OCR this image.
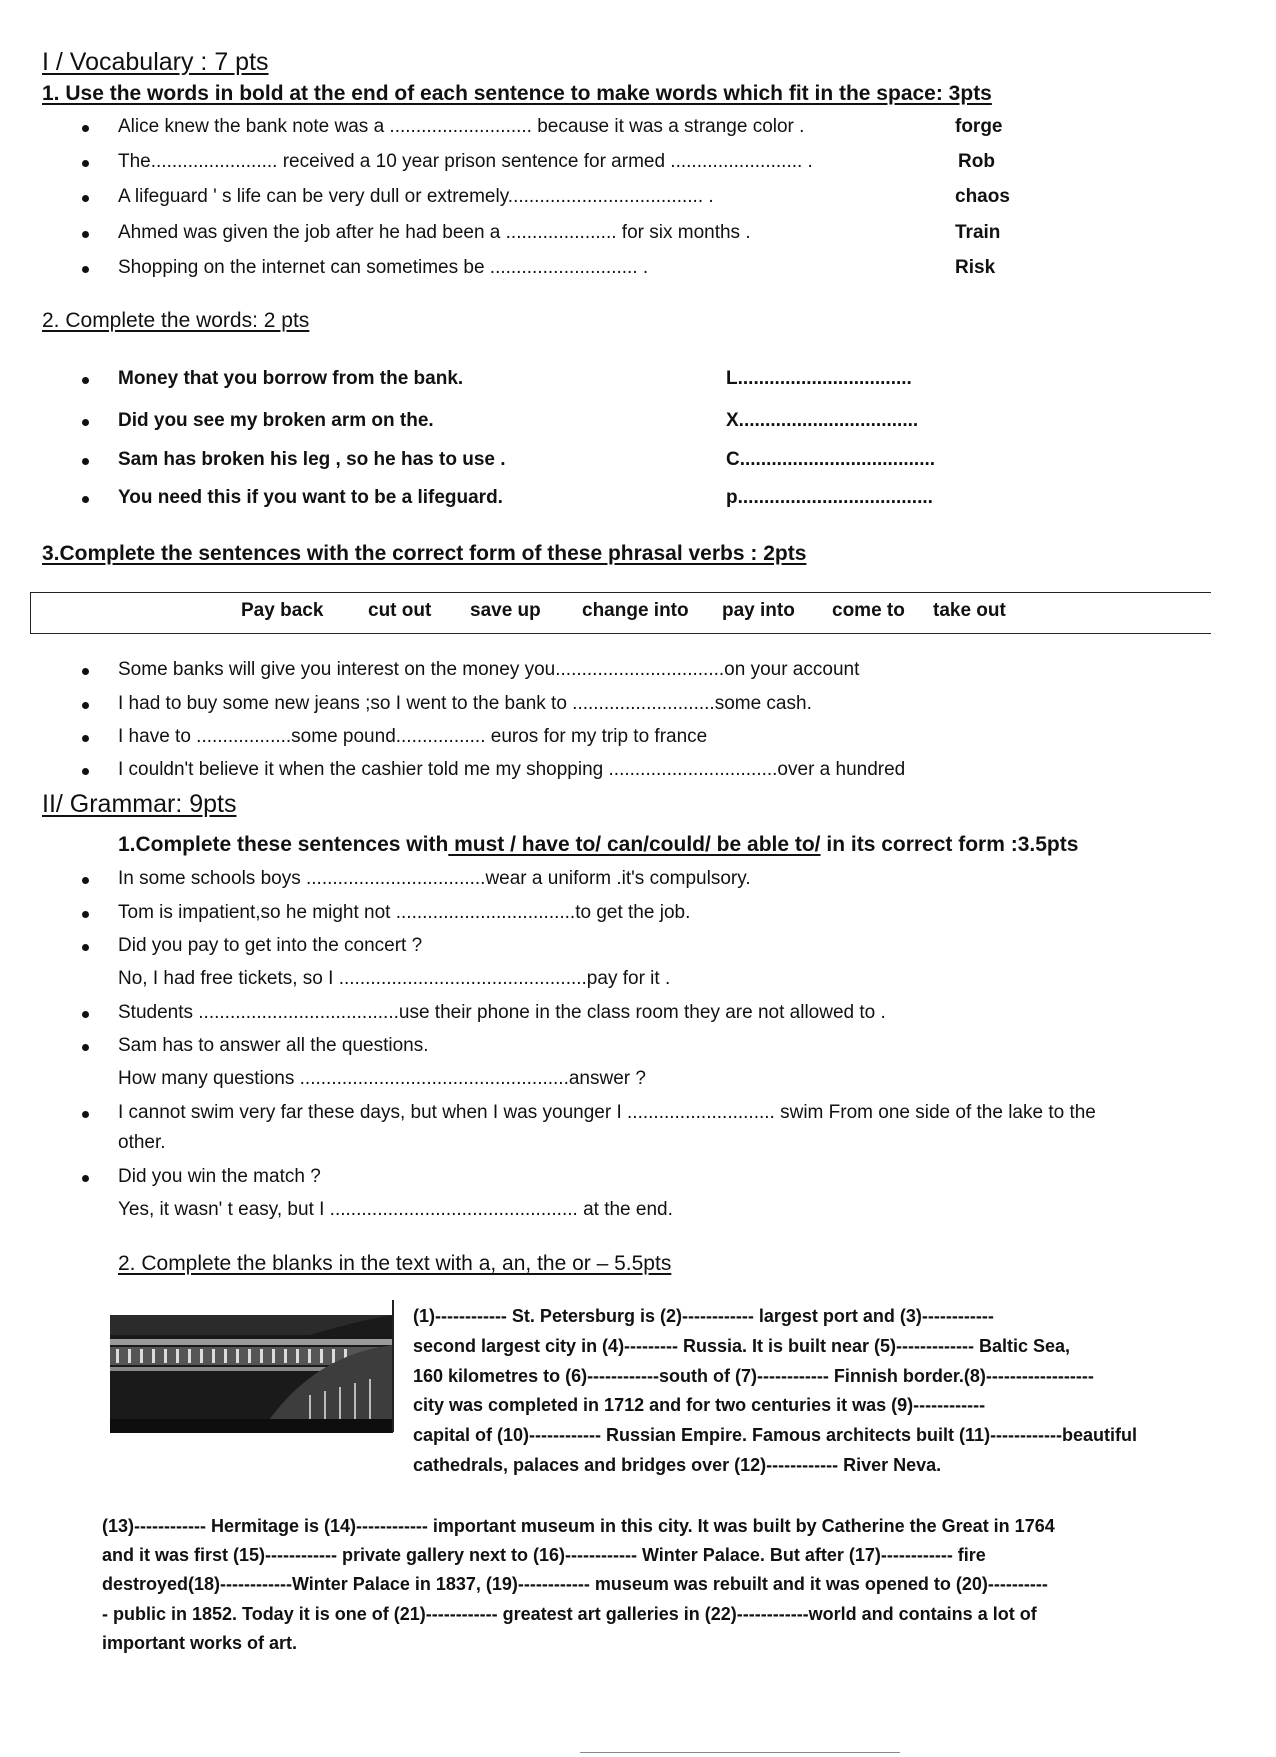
I / Vocabulary : 7 pts
1. Use the words in bold at the end of each sentence to make words which fit in the space: 3pts
Alice knew the bank note was a ........................... because it was a strange color .	forge
The........................ received a 10 year prison sentence for armed ......................... .	Rob
A lifeguard ' s life can be very dull or extremely..................................... .	chaos
Ahmed was given the job after he had been a ..................... for six months .	Train
Shopping on the internet can sometimes be ............................ .	Risk
2. Complete the words: 2 pts
Money that you borrow from the bank.	L.................................
Did you see my broken arm on the.	X..................................
Sam has broken his leg , so he has to use .	C.....................................
You need this if you want to be a lifeguard.	p.....................................
3.Complete the sentences with the correct form of these phrasal verbs : 2pts
Pay back cut out save up change into pay into come to take out
Some banks will give you interest on the money you................................on your account
I had to buy some new jeans ;so I went to the bank to ...........................some cash.
I have to ..................some pound................. euros for my trip to france
I couldn't believe it when the cashier told me my shopping ................................over a hundred
II/ Grammar: 9pts
1.Complete these sentences with must / have to/ can/could/ be able to/ in its correct form :3.5pts
In some schools boys ..................................wear a uniform .it's compulsory.
Tom is impatient,so he might not ..................................to get the job.
Did you pay to get into the concert ?
No, I had free tickets, so I ...............................................pay for it .
Students ......................................use their phone in the class room they are not allowed to .
Sam has to answer all the questions.
How many questions ...................................................answer ?
I cannot swim very far these days, but when I was younger I ............................ swim From one side of the lake to the
other.
Did you win the match ?
Yes, it wasn' t easy, but I ............................................... at the end.
2. Complete the blanks in the text with a, an, the or – 5.5pts
(1)------------ St. Petersburg is (2)------------ largest port and (3)------------
second largest city in (4)--------- Russia. It is built near (5)------------- Baltic Sea,
160 kilometres to (6)------------south of (7)------------ Finnish border.(8)------------------
city was completed in 1712 and for two centuries it was (9)------------
capital of (10)------------ Russian Empire. Famous architects built (11)------------beautiful
cathedrals, palaces and bridges over (12)------------ River Neva.
(13)------------ Hermitage is (14)------------ important museum in this city. It was built by Catherine the Great in 1764
and it was first (15)------------ private gallery next to (16)------------ Winter Palace. But after (17)------------ fire
destroyed(18)------------Winter Palace in 1837, (19)------------ museum was rebuilt and it was opened to (20)----------
- public in 1852. Today it is one of (21)------------ greatest art galleries in (22)------------world and contains a lot of
important works of art.
